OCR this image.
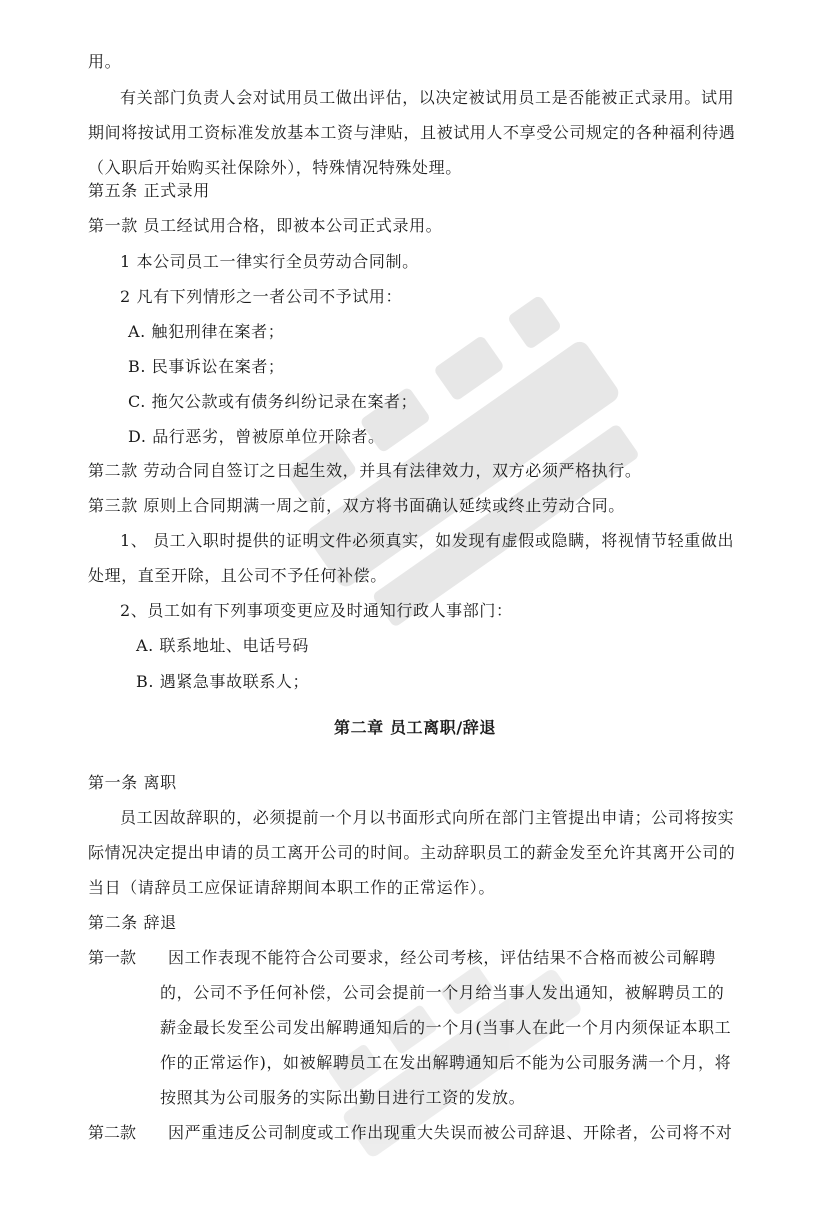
用。
有关部门负责人会对试用员工做出评估，以决定被试用员工是否能被正式录用。试用
期间将按试用工资标准发放基本工资与津贴，且被试用人不享受公司规定的各种福利待遇
（入职后开始购买社保除外），特殊情况特殊处理。
第五条 正式录用
第一款 员工经试用合格，即被本公司正式录用。
1 本公司员工一律实行全员劳动合同制。
2 凡有下列情形之一者公司不予试用：
A. 触犯刑律在案者；
B. 民事诉讼在案者；
C. 拖欠公款或有债务纠纷记录在案者；
D. 品行恶劣，曾被原单位开除者。
第二款 劳动合同自签订之日起生效，并具有法律效力，双方必须严格执行。
第三款 原则上合同期满一周之前，双方将书面确认延续或终止劳动合同。
1、 员工入职时提供的证明文件必须真实，如发现有虚假或隐瞒，将视情节轻重做出
处理，直至开除，且公司不予任何补偿。
2、员工如有下列事项变更应及时通知行政人事部门：
A. 联系地址、电话号码
B. 遇紧急事故联系人；
第二章 员工离职/辞退
第一条 离职
员工因故辞职的，必须提前一个月以书面形式向所在部门主管提出申请；公司将按实
际情况决定提出申请的员工离开公司的时间。主动辞职员工的薪金发至允许其离开公司的
当日（请辞员工应保证请辞期间本职工作的正常运作）。
第二条 辞退
第一款 因工作表现不能符合公司要求，经公司考核，评估结果不合格而被公司解聘
的，公司不予任何补偿，公司会提前一个月给当事人发出通知，被解聘员工的
薪金最长发至公司发出解聘通知后的一个月(当事人在此一个月内须保证本职工
作的正常运作)，如被解聘员工在发出解聘通知后不能为公司服务满一个月，将
按照其为公司服务的实际出勤日进行工资的发放。
第二款 因严重违反公司制度或工作出现重大失误而被公司辞退、开除者，公司将不对
